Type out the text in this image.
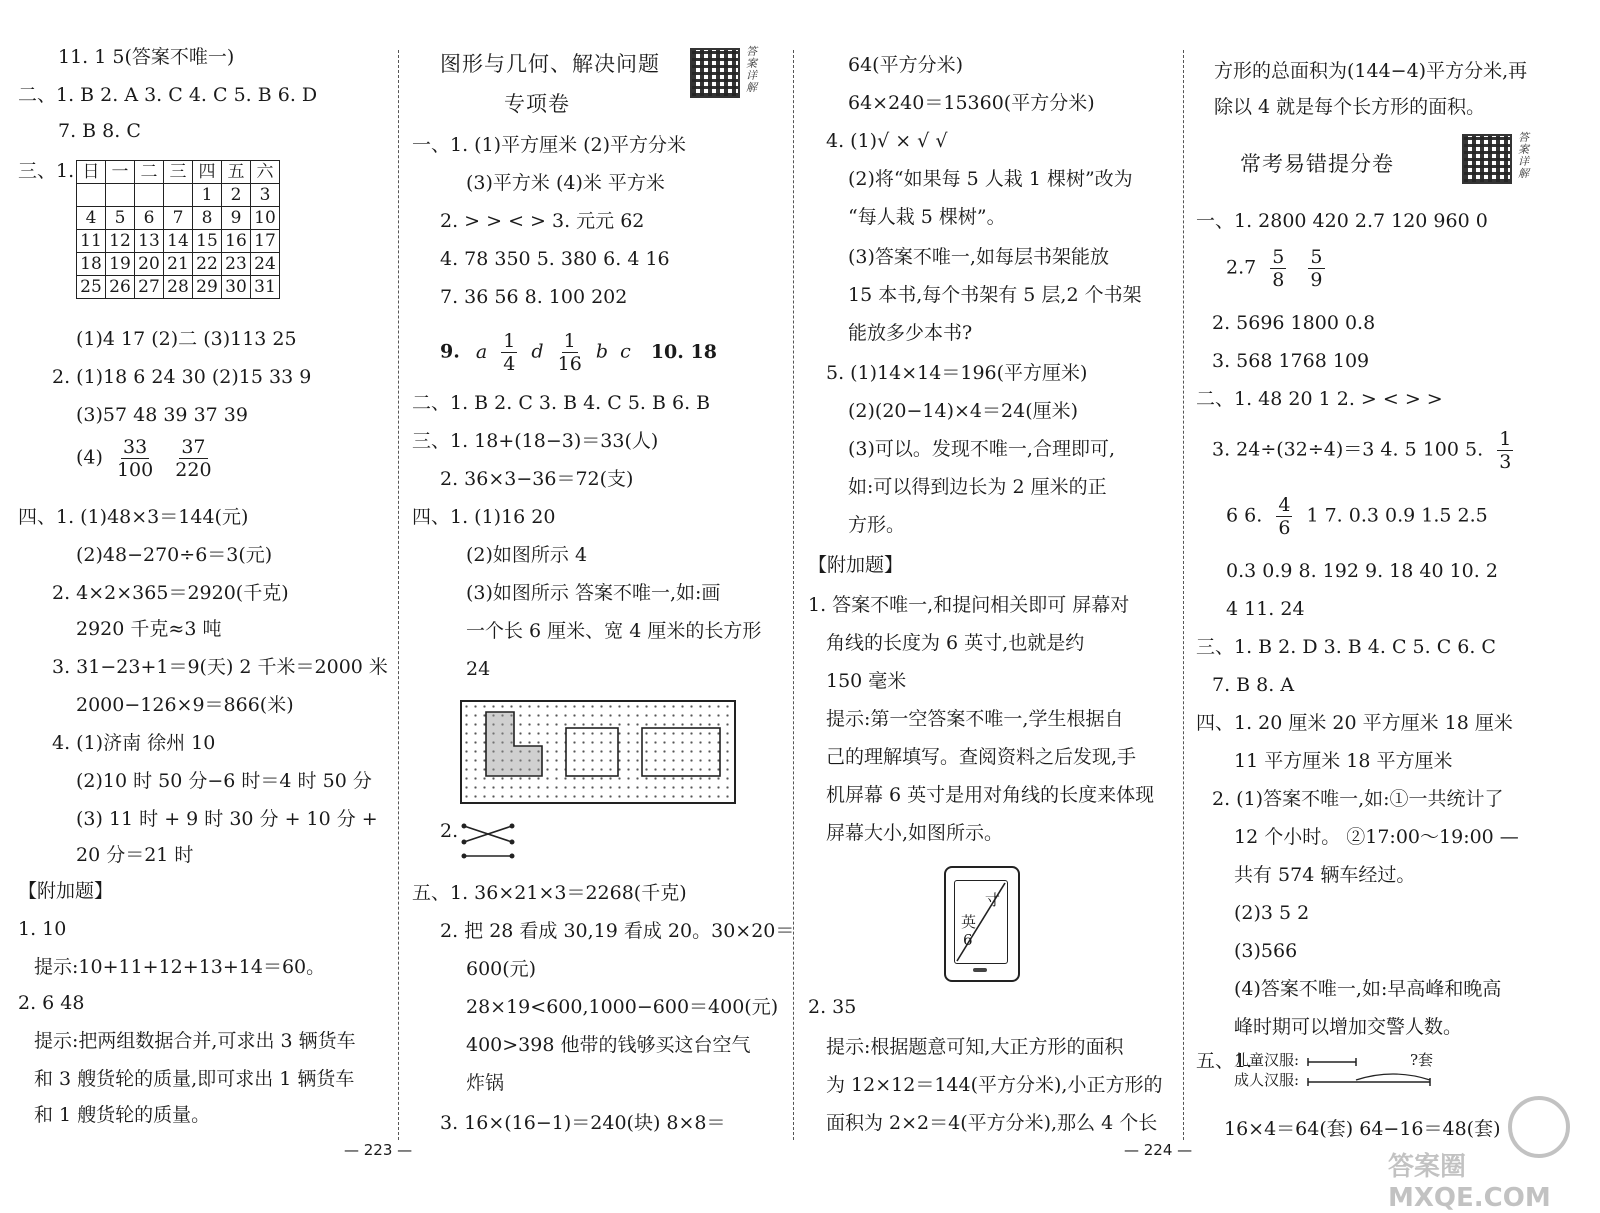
日	一	二	三	四	五	六
				1	2	3
4	5	6	7	8	9	10
11	12	13	14	15	16	17
18	19	20	21	22	23	24
25	26	27	28	29	30	31
$(4) \frac{33}{100}$
$\frac{37}{220}$
11. 1 5(答案不唯一)
二、1. B 2. A 3. C 4. C 5. B 6. D
7. B 8. C
三、1.
(1)4 17 (2)二 (3)113 25
2. (1)18 6 24 30 (2)15 33 9
(3)57 48 39 37 39
四、1. (1)48×3＝144(元)
(2)48−270÷6＝3(元)
2. 4×2×365＝2920(千克)
2920 千克≈3 吨
3. 31−23+1＝9(天) 2 千米＝2000 米
2000−126×9＝866(米)
4. (1)济南 徐州 10
(2)10 时 50 分−6 时＝4 时 50 分
(3) 11 时 + 9 时 30 分 + 10 分 +
20 分＝21 时
【附加题】
1. 10
提示:10+11+12+13+14＝60。
2. 6 48
提示:把两组数据合并,可求出 3 辆货车
和 3 艘货轮的质量,即可求出 1 辆货车
和 1 艘货轮的质量。
图形与几何、解决问题
专项卷
答案详解
9. a $\frac{1}{4}$ d $\frac{1}{16}$ b c 10. 18
一、1. (1)平方厘米 (2)平方分米
(3)平方米 (4)米 平方米
2. > > < > 3. 元元 62
4. 78 350 5. 380 6. 4 16
7. 36 56 8. 100 202
二、1. B 2. C 3. B 4. C 5. B 6. B
三、1. 18+(18−3)＝33(人)
2. 36×3−36＝72(支)
四、1. (1)16 20
(2)如图所示 4
(3)如图所示 答案不唯一,如:画
一个长 6 厘米、宽 4 厘米的长方形
24
2.
五、1. 36×21×3＝2268(千克)
2. 把 28 看成 30,19 看成 20。30×20＝
600(元)
28×19<600,1000−600＝400(元)
400>398 他带的钱够买这台空气
炸锅
3. 16×(16−1)＝240(块) 8×8＝
寸
英
6
64(平方分米)
64×240＝15360(平方分米)
4. (1)√ × √ √
(2)将“如果每 5 人栽 1 棵树”改为
“每人栽 5 棵树”。
(3)答案不唯一,如每层书架能放
15 本书,每个书架有 5 层,2 个书架
能放多少本书?
5. (1)14×14＝196(平方厘米)
(2)(20−14)×4＝24(厘米)
(3)可以。发现不唯一,合理即可,
如:可以得到边长为 2 厘米的正
方形。
【附加题】
1. 答案不唯一,和提问相关即可 屏幕对
角线的长度为 6 英寸,也就是约
150 毫米
提示:第一空答案不唯一,学生根据自
己的理解填写。查阅资料之后发现,手
机屏幕 6 英寸是用对角线的长度来体现
屏幕大小,如图所示。
2. 35
提示:根据题意可知,大正方形的面积
为 12×12＝144(平方分米),小正方形的
面积为 2×2＝4(平方分米),那么 4 个长
常考易错提分卷
答案详解
$2.7 \frac{5}{8}$
$\frac{5}{9}$
3. 24÷(32÷4)＝3 4. 5 100 5. $\frac{1}{3}$
6 6. $\frac{4}{6} 1$ 7. 0.3 0.9 1.5 2.5
儿童汉服:
成人汉服:
?套
方形的总面积为(144−4)平方分米,再
除以 4 就是每个长方形的面积。
一、1. 2800 420 2.7 120 960 0
2. 5696 1800 0.8
3. 568 1768 109
二、1. 48 20 1 2. > < > >
0.3 0.9 8. 192 9. 18 40 10. 2
4 11. 24
三、1. B 2. D 3. B 4. C 5. C 6. C
7. B 8. A
四、1. 20 厘米 20 平方厘米 18 厘米
11 平方厘米 18 平方厘米
2. (1)答案不唯一,如:①一共统计了
12 个小时。 ②17:00～19:00 —
共有 574 辆车经过。
(2)3 5 2
(3)566
(4)答案不唯一,如:早高峰和晚高
峰时期可以增加交警人数。
五、1.
16×4＝64(套) 64−16＝48(套)
— 223 —	— 224 —
答案圈 MXQE.COM
